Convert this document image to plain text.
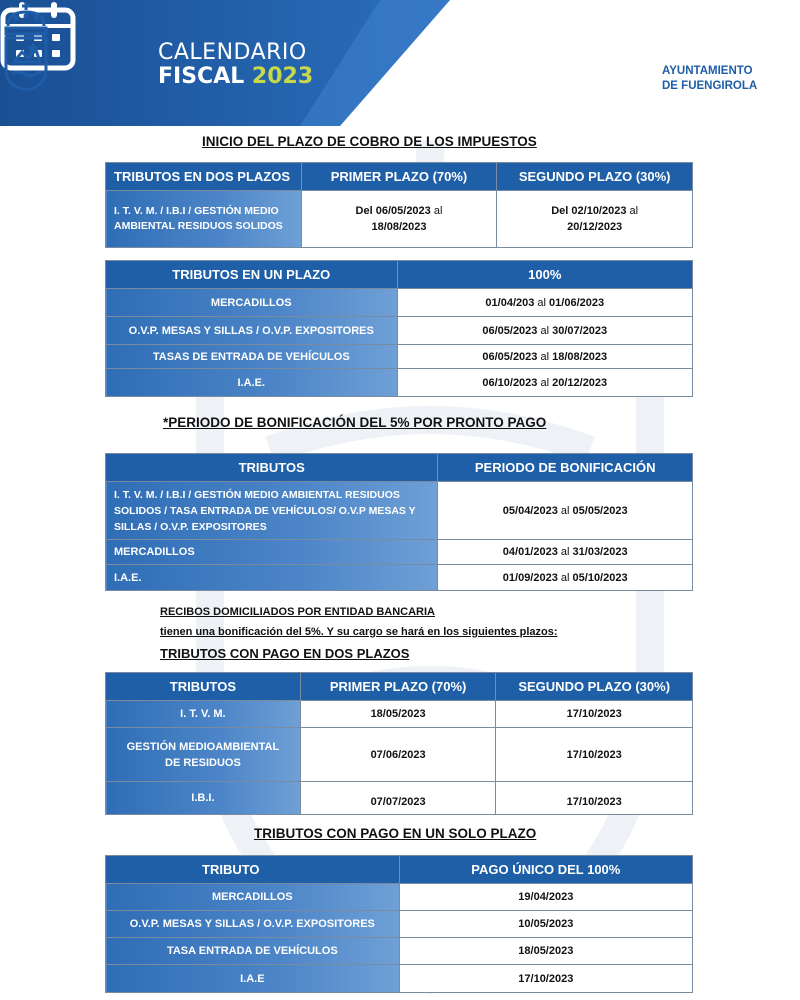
CALENDARIO
FISCAL 2023	AYUNTAMIENTO
DE FUENGIROLA
INICIO DEL PLAZO DE COBRO DE LOS IMPUESTOS
TRIBUTOS EN DOS PLAZOS	PRIMER PLAZO (70%)	SEGUNDO PLAZO (30%)
I. T. V. M. / I.B.I / GESTIÓN MEDIO AMBIENTAL RESIDUOS SOLIDOS	Del 06/05/2023 al
18/08/2023	Del 02/10/2023 al
20/12/2023
TRIBUTOS EN UN PLAZO	100%
MERCADILLOS	01/04/203 al 01/06/2023
O.V.P. MESAS Y SILLAS / O.V.P. EXPOSITORES	06/05/2023 al 30/07/2023
TASAS DE ENTRADA DE VEHÍCULOS	06/05/2023 al 18/08/2023
I.A.E.	06/10/2023 al 20/12/2023
*PERIODO DE BONIFICACIÓN DEL 5% POR PRONTO PAGO
TRIBUTOS	PERIODO DE BONIFICACIÓN
I. T. V. M. / I.B.I / GESTIÓN MEDIO AMBIENTAL RESIDUOS SOLIDOS / TASA ENTRADA DE VEHÍCULOS/ O.V.P MESAS Y SILLAS / O.V.P. EXPOSITORES	05/04/2023 al 05/05/2023
MERCADILLOS	04/01/2023 al 31/03/2023
I.A.E.	01/09/2023 al 05/10/2023
RECIBOS DOMICILIADOS POR ENTIDAD BANCARIA
tienen una bonificación del 5%. Y su cargo se hará en los siguientes plazos:
TRIBUTOS CON PAGO EN DOS PLAZOS
TRIBUTOS	PRIMER PLAZO (70%)	SEGUNDO PLAZO (30%)
I. T. V. M.	18/05/2023	17/10/2023
GESTIÓN MEDIOAMBIENTAL DE RESIDUOS	07/06/2023	17/10/2023
I.B.I.	07/07/2023	17/10/2023
TRIBUTOS CON PAGO EN UN SOLO PLAZO
TRIBUTO	PAGO ÚNICO DEL 100%
MERCADILLOS	19/04/2023
O.V.P. MESAS Y SILLAS / O.V.P. EXPOSITORES	10/05/2023
TASA ENTRADA DE VEHÍCULOS	18/05/2023
I.A.E	17/10/2023
